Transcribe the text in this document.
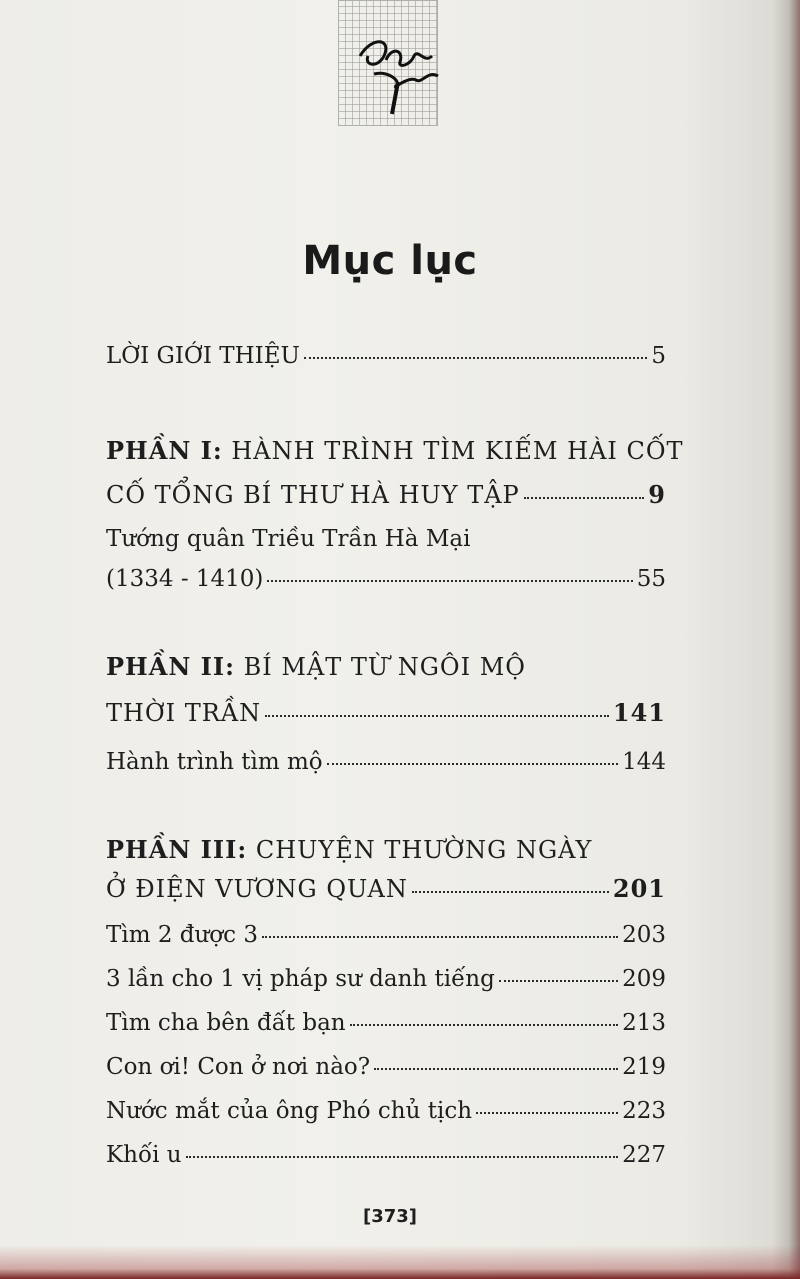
Mục lục
LỜI GIỚI THIỆU	5
PHẦN I: HÀNH TRÌNH TÌM KIẾM HÀI CỐT
CỐ TỔNG BÍ THƯ HÀ HUY TẬP	9
Tướng quân Triều Trần Hà Mại
(1334 - 1410)	55
PHẦN II: BÍ MẬT TỪ NGÔI MỘ
THỜI TRẦN	141
Hành trình tìm mộ	144
PHẦN III: CHUYỆN THƯỜNG NGÀY
Ở ĐIỆN VƯƠNG QUAN	201
Tìm 2 được 3	203
3 lần cho 1 vị pháp sư danh tiếng	209
Tìm cha bên đất bạn	213
Con ơi! Con ở nơi nào?	219
Nước mắt của ông Phó chủ tịch	223
Khối u	227
[373]
